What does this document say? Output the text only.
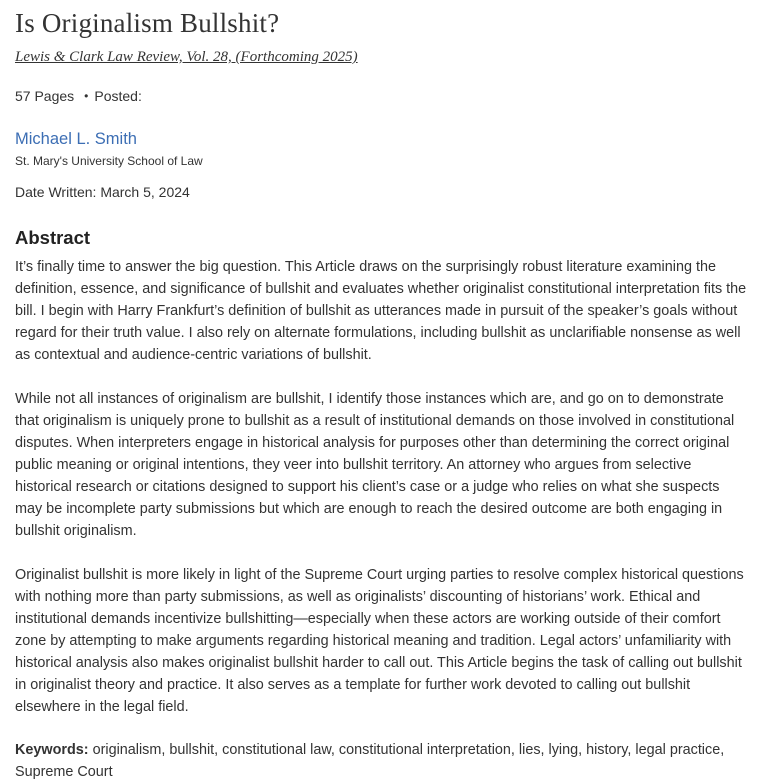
Is Originalism Bullshit?
Lewis & Clark Law Review, Vol. 28, (Forthcoming 2025)
57 Pages • Posted:
Michael L. Smith
St. Mary's University School of Law
Date Written: March 5, 2024
Abstract

It’s finally time to answer the big question. This Article draws on the surprisingly robust literature examining the definition, essence, and significance of bullshit and evaluates whether originalist constitutional interpretation fits the bill. I begin with Harry Frankfurt’s definition of bullshit as utterances made in pursuit of the speaker’s goals without regard for their truth value. I also rely on alternate formulations, including bullshit as unclarifiable nonsense as well as contextual and audience-centric variations of bullshit.

While not all instances of originalism are bullshit, I identify those instances which are, and go on to demonstrate that originalism is uniquely prone to bullshit as a result of institutional demands on those involved in constitutional disputes. When interpreters engage in historical analysis for purposes other than determining the correct original public meaning or original intentions, they veer into bullshit territory. An attorney who argues from selective historical research or citations designed to support his client’s case or a judge who relies on what she suspects may be incomplete party submissions but which are enough to reach the desired outcome are both engaging in bullshit originalism.

Originalist bullshit is more likely in light of the Supreme Court urging parties to resolve complex historical questions with nothing more than party submissions, as well as originalists’ discounting of historians’ work. Ethical and institutional demands incentivize bullshitting—especially when these actors are working outside of their comfort zone by attempting to make arguments regarding historical meaning and tradition. Legal actors’ unfamiliarity with historical analysis also makes originalist bullshit harder to call out. This Article begins the task of calling out bullshit in originalist theory and practice. It also serves as a template for further work devoted to calling out bullshit elsewhere in the legal field.

Keywords: originalism, bullshit, constitutional law, constitutional interpretation, lies, lying, history, legal practice, Supreme Court
